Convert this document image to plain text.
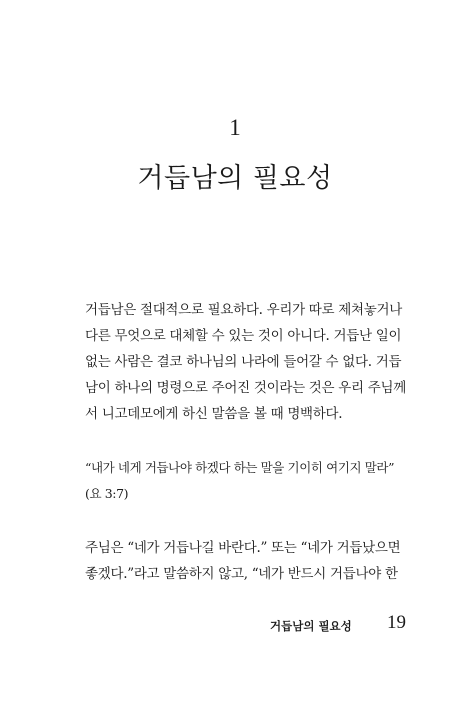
1
거듭남의 필요성
거듭남은 절대적으로 필요하다. 우리가 따로 제쳐놓거나
다른 무엇으로 대체할 수 있는 것이 아니다. 거듭난 일이
없는 사람은 결코 하나님의 나라에 들어갈 수 없다. 거듭
남이 하나의 명령으로 주어진 것이라는 것은 우리 주님께
서 니고데모에게 하신 말씀을 볼 때 명백하다.
“내가 네게 거듭나야 하겠다 하는 말을 기이히 여기지 말라”
(요 3:7)
주님은 “네가 거듭나길 바란다.” 또는 “네가 거듭났으면
좋겠다.”라고 말씀하지 않고, “네가 반드시 거듭나야 한
거듭남의 필요성 19
